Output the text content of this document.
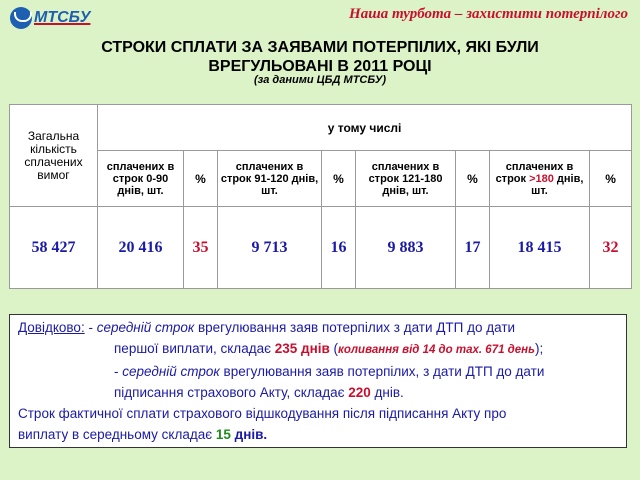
МТСБУ	Наша турбота – захистити потерпілого
СТРОКИ СПЛАТИ ЗА ЗАЯВАМИ ПОТЕРПІЛИХ, ЯКІ БУЛИ
ВРЕГУЛЬОВАНІ В 2011 РОЦІ
(за даними ЦБД МТСБУ)
Загальна кількість сплачених вимог	у тому числі							
	сплачених в строк 0-90 днів, шт.	%	сплачених в строк 91-120 днів, шт.	%	сплачених в строк 121-180 днів, шт.	%	сплачених в строк >180 днів, шт.	%
58 427	20 416	35	9 713	16	9 883	17	18 415	32

Довідково: - середній строк врегулювання заяв потерпілих з дати ДТП до дати

першої виплати, складає 235 днів (коливання від 14 до max. 671 день);

- середній строк врегулювання заяв потерпілих, з дати ДТП до дати

підписання страхового Акту, складає 220 днів.

Строк фактичної сплати страхового відшкодування після підписання Акту про

виплату в середньому складає 15 днів.
